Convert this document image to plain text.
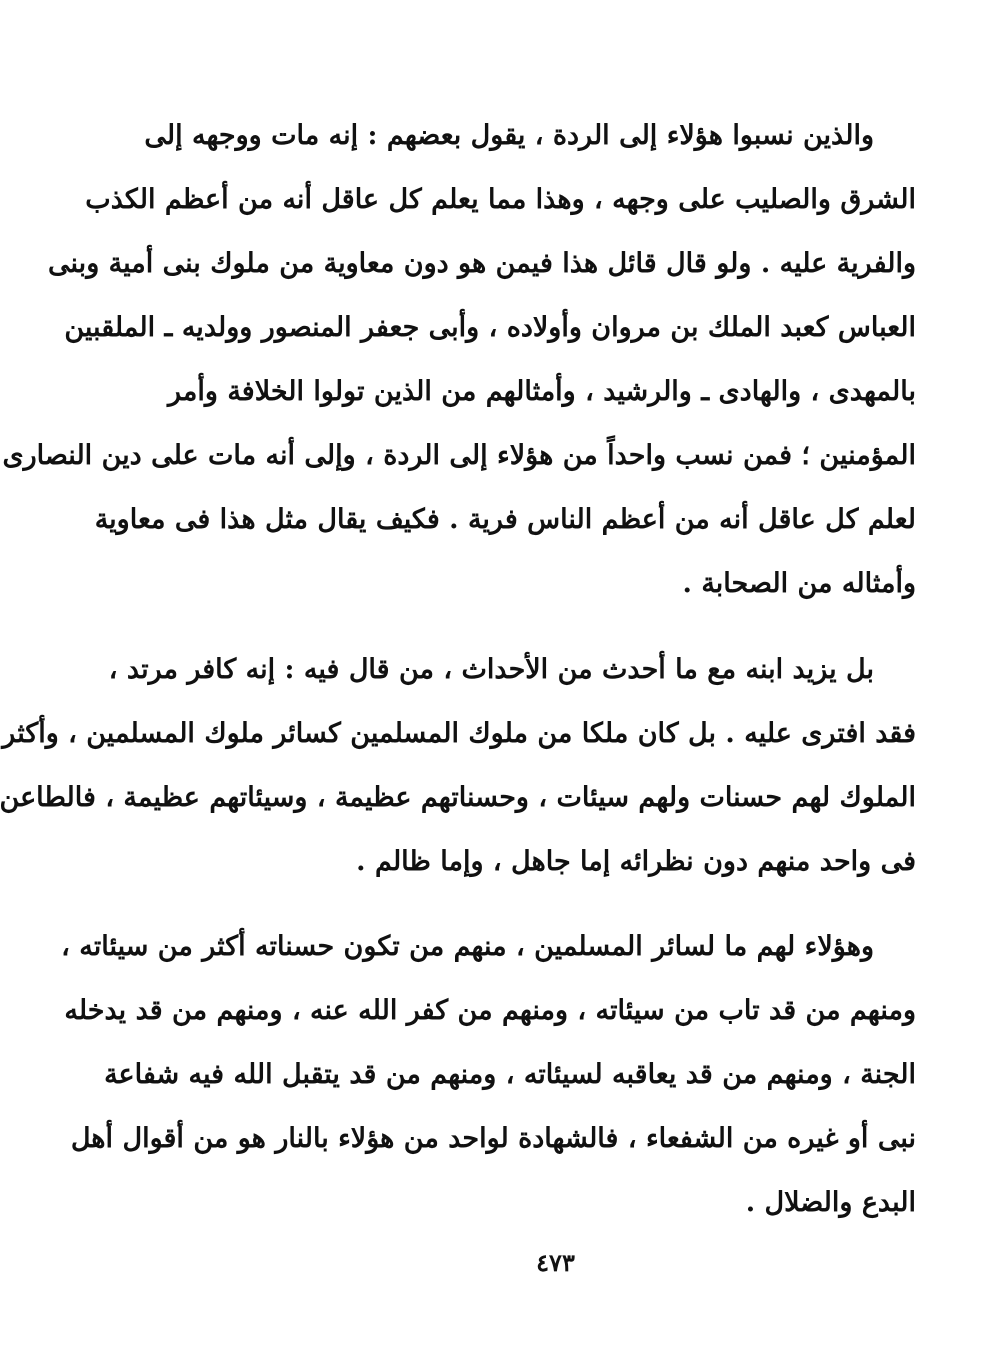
والذين نسبوا هؤلاء إلى الردة ، يقول بعضهم : إنه مات ووجهه إلى
الشرق والصليب على وجهه ، وهذا مما يعلم كل عاقل أنه من أعظم الكذب
والفرية عليه . ولو قال قائل هذا فيمن هو دون معاوية من ملوك بنى أمية وبنى
العباس كعبد الملك بن مروان وأولاده ، وأبى جعفر المنصور وولديه ـ الملقبين
بالمهدى ، والهادى ـ والرشيد ، وأمثالهم من الذين تولوا الخلافة وأمر
المؤمنين ؛ فمن نسب واحداً من هؤلاء إلى الردة ، وإلى أنه مات على دين النصارى
لعلم كل عاقل أنه من أعظم الناس فرية . فكيف يقال مثل هذا فى معاوية
وأمثاله من الصحابة .
بل يزيد ابنه مع ما أحدث من الأحداث ، من قال فيه : إنه كافر مرتد ،
فقد افترى عليه . بل كان ملكا من ملوك المسلمين كسائر ملوك المسلمين ، وأكثر
الملوك لهم حسنات ولهم سيئات ، وحسناتهم عظيمة ، وسيئاتهم عظيمة ، فالطاعن
فى واحد منهم دون نظرائه إما جاهل ، وإما ظالم .
وهؤلاء لهم ما لسائر المسلمين ، منهم من تكون حسناته أكثر من سيئاته ،
ومنهم من قد تاب من سيئاته ، ومنهم من كفر الله عنه ، ومنهم من قد يدخله
الجنة ، ومنهم من قد يعاقبه لسيئاته ، ومنهم من قد يتقبل الله فيه شفاعة
نبى أو غيره من الشفعاء ، فالشهادة لواحد من هؤلاء بالنار هو من أقوال أهل
البدع والضلال .
٤٧٣
